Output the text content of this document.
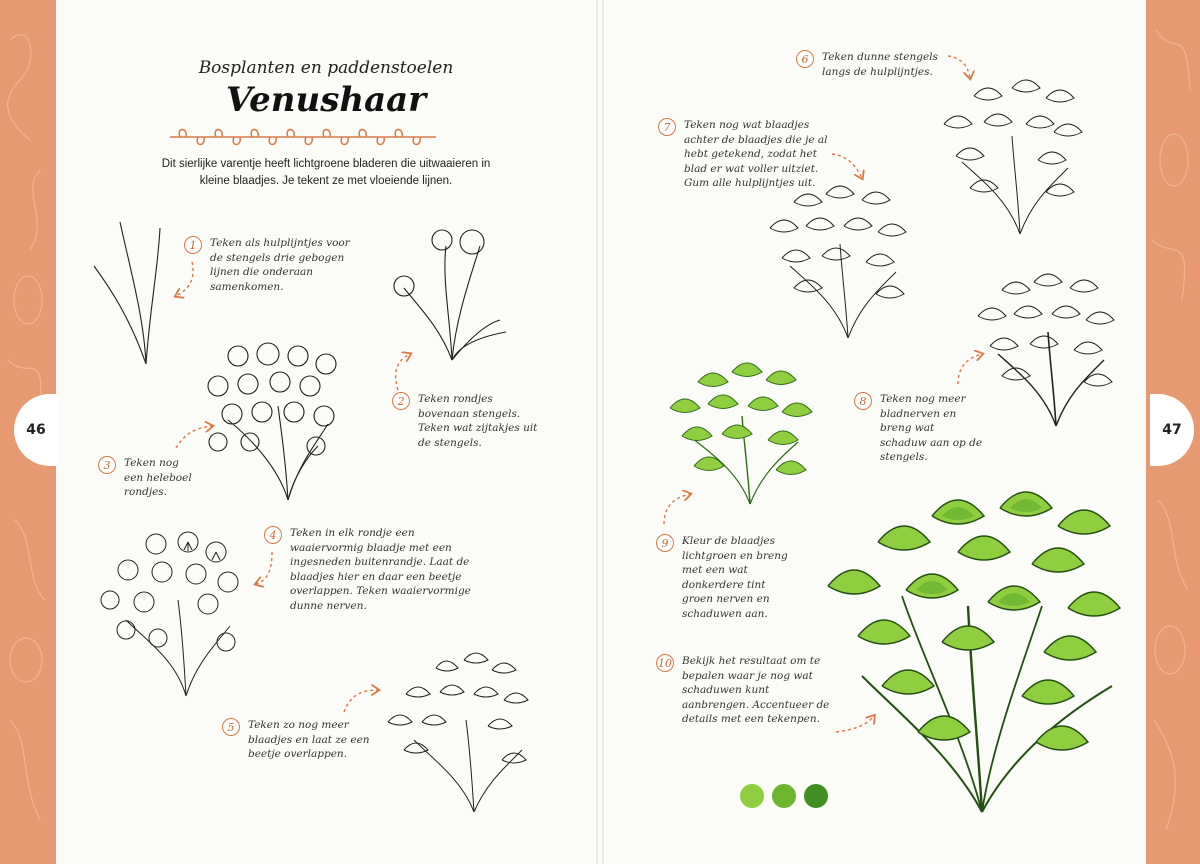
46	47
Bosplanten en paddenstoelen
Venushaar
Dit sierlijke varentje heeft lichtgroene bladeren die uitwaaieren in kleine blaadjes. Je tekent ze met vloeiende lijnen.
1	Teken als hulplijntjes voor de stengels drie gebogen lijnen die onderaan samenkomen.
2	Teken rondjes bovenaan stengels. Teken wat zijtakjes uit de stengels.
3	Teken nog een heleboel rondjes.
4	Teken in elk rondje een waaiervormig blaadje met een ingesneden buitenrandje. Laat de blaadjes hier en daar een beetje overlappen. Teken waaiervormige dunne nerven.
5	Teken zo nog meer blaadjes en laat ze een beetje overlappen.
6	Teken dunne stengels langs de hulplijntjes.
7	Teken nog wat blaadjes achter de blaadjes die je al hebt getekend, zodat het blad er wat voller uitziet. Gum alle hulplijntjes uit.
8	Teken nog meer bladnerven en breng wat schaduw aan op de stengels.
9	Kleur de blaadjes lichtgroen en breng met een wat donkerdere tint groen nerven en schaduwen aan.
10 Bekijk het resultaat om te bepalen waar je nog wat schaduwen kunt aanbrengen. Accentueer de details met een tekenpen.
